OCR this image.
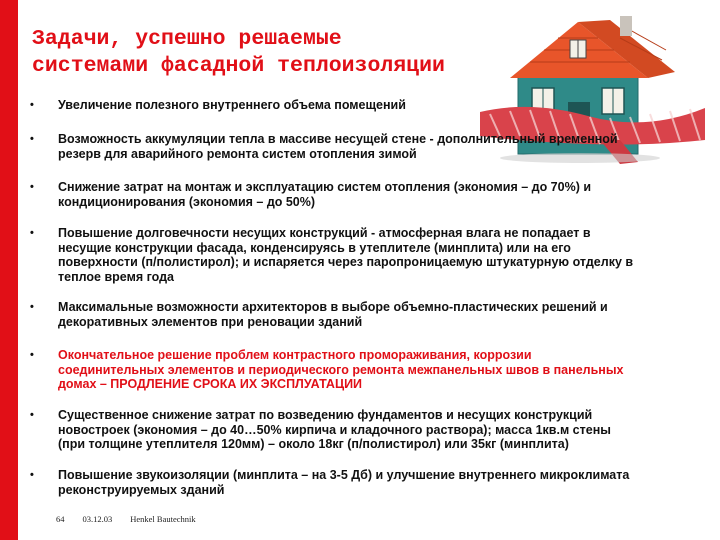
Задачи, успешно решаемые
системами фасадной теплоизоляции
•	Увеличение полезного внутреннего объема помещений
•	Возможность аккумуляции тепла в массиве несущей стене - дополнительный временной
резерв для аварийного ремонта систем отопления зимой
•	Снижение затрат на монтаж и эксплуатацию систем отопления (экономия – до 70%) и
кондиционирования (экономия – до 50%)
•	Повышение долговечности несущих конструкций - атмосферная влага не попадает в
несущие конструкции фасада, конденсируясь в утеплителе (минплита) или на его
поверхности (п/полистирол); и испаряется через паропроницаемую штукатурную отделку в
теплое время года
•	Максимальные возможности архитекторов в выборе объемно-пластических решений и
декоративных элементов при реновации зданий
•	Окончательное решение проблем контрастного промораживания, коррозии
соединительных элементов и периодического ремонта межпанельных швов в панельных
домах – ПРОДЛЕНИЕ СРОКА ИХ ЭКСПЛУАТАЦИИ
•	Существенное снижение затрат по возведению фундаментов и несущих конструкций
новостроек (экономия – до 40…50% кирпича и кладочного раствора); масса 1кв.м стены
(при толщине утеплителя 120мм) – около 18кг (п/полистирол) или 35кг (минплита)
•	Повышение звукоизоляции (минплита – на 3-5 Дб) и улучшение внутреннего микроклимата
реконструируемых зданий
64 03.12.03 Henkel Bautechnik
